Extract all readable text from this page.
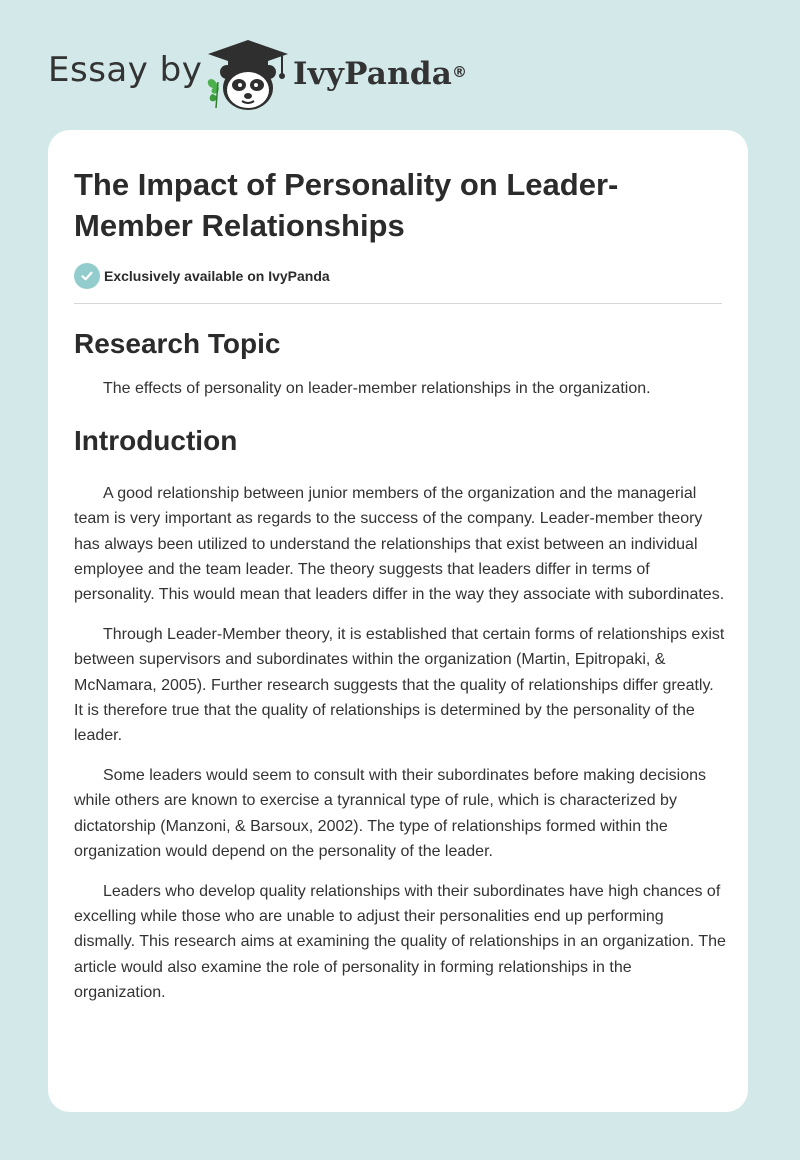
Essay by	IvyPanda®
The Impact of Personality on Leader-Member Relationships
Exclusively available on IvyPanda
Research Topic

The effects of personality on leader-member relationships in the organization.

Introduction

A good relationship between junior members of the organization and the managerial team is very important as regards to the success of the company. Leader-member theory has always been utilized to understand the relationships that exist between an individual employee and the team leader. The theory suggests that leaders differ in terms of personality. This would mean that leaders differ in the way they associate with subordinates.

Through Leader-Member theory, it is established that certain forms of relationships exist between supervisors and subordinates within the organization (Martin, Epitropaki, & McNamara, 2005). Further research suggests that the quality of relationships differ greatly. It is therefore true that the quality of relationships is determined by the personality of the leader.

Some leaders would seem to consult with their subordinates before making decisions while others are known to exercise a tyrannical type of rule, which is characterized by dictatorship (Manzoni, & Barsoux, 2002). The type of relationships formed within the organization would depend on the personality of the leader.

Leaders who develop quality relationships with their subordinates have high chances of excelling while those who are unable to adjust their personalities end up performing dismally. This research aims at examining the quality of relationships in an organization. The article would also examine the role of personality in forming relationships in the organization.
